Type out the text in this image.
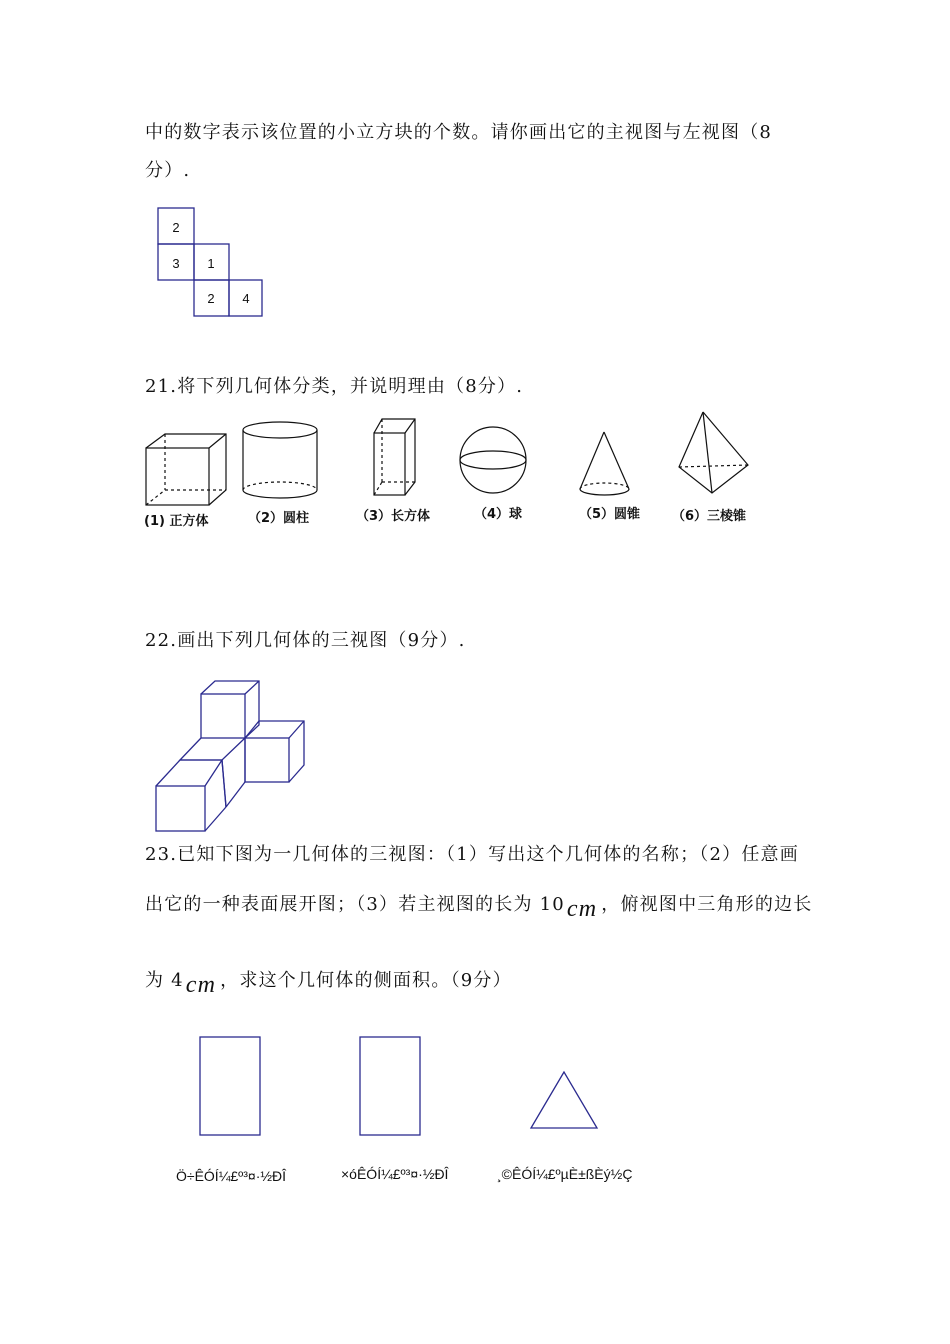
中的数字表示该位置的小立方块的个数。请你画出它的主视图与左视图（8
分）.
21.将下列几何体分类，并说明理由（8分）.
22.画出下列几何体的三视图（9分）.
23.已知下图为一几何体的三视图：（1）写出这个几何体的名称；（2）任意画
出它的一种表面展开图；（3）若主视图的长为 10cm ，俯视图中三角形的边长
为 4cm ，求这个几何体的侧面积。（9分）
2
3 1
2 4
(1) 正方体	（2）圆柱	（3）长方体	（4）球	（5）圆锥 （6）三棱锥
Ö÷ÊÓÍ¼£º³¤·½ÐÎ	×óÊÓÍ¼£º³¤·½ÐÎ	¸©ÊÓÍ¼£ºµÈ±ßÈý½Ç
